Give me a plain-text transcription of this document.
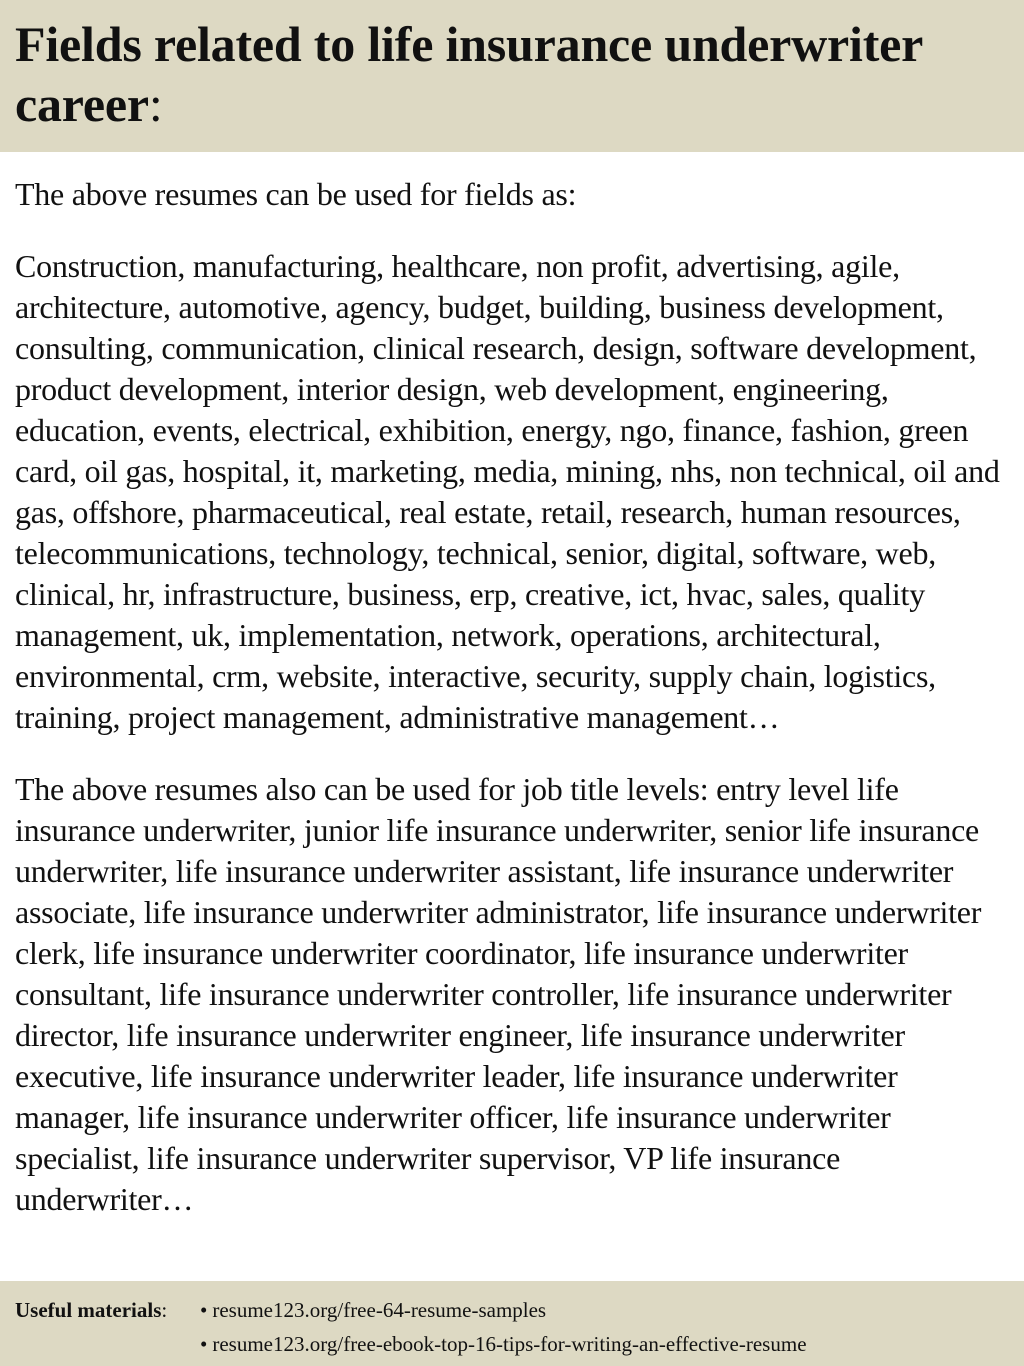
Fields related to life insurance underwriter career:

The above resumes can be used for fields as:

Construction, manufacturing, healthcare, non profit, advertising, agile, architecture, automotive, agency, budget, building, business development, consulting, communication, clinical research, design, software development, product development, interior design, web development, engineering, education, events, electrical, exhibition, energy, ngo, finance, fashion, green card, oil gas, hospital, it, marketing, media, mining, nhs, non technical, oil and gas, offshore, pharmaceutical, real estate, retail, research, human resources, telecommunications, technology, technical, senior, digital, software, web, clinical, hr, infrastructure, business, erp, creative, ict, hvac, sales, quality management, uk, implementation, network, operations, architectural, environmental, crm, website, interactive, security, supply chain, logistics, training, project management, administrative management…

The above resumes also can be used for job title levels: entry level life insurance underwriter, junior life insurance underwriter, senior life insurance underwriter, life insurance underwriter assistant, life insurance underwriter associate, life insurance underwriter administrator, life insurance underwriter clerk, life insurance underwriter coordinator, life insurance underwriter consultant, life insurance underwriter controller, life insurance underwriter director, life insurance underwriter engineer, life insurance underwriter executive, life insurance underwriter leader, life insurance underwriter manager, life insurance underwriter officer, life insurance underwriter specialist, life insurance underwriter supervisor, VP life insurance underwriter…

Useful materials: • resume123.org/free-64-resume-samples
• resume123.org/free-ebook-top-16-tips-for-writing-an-effective-resume
